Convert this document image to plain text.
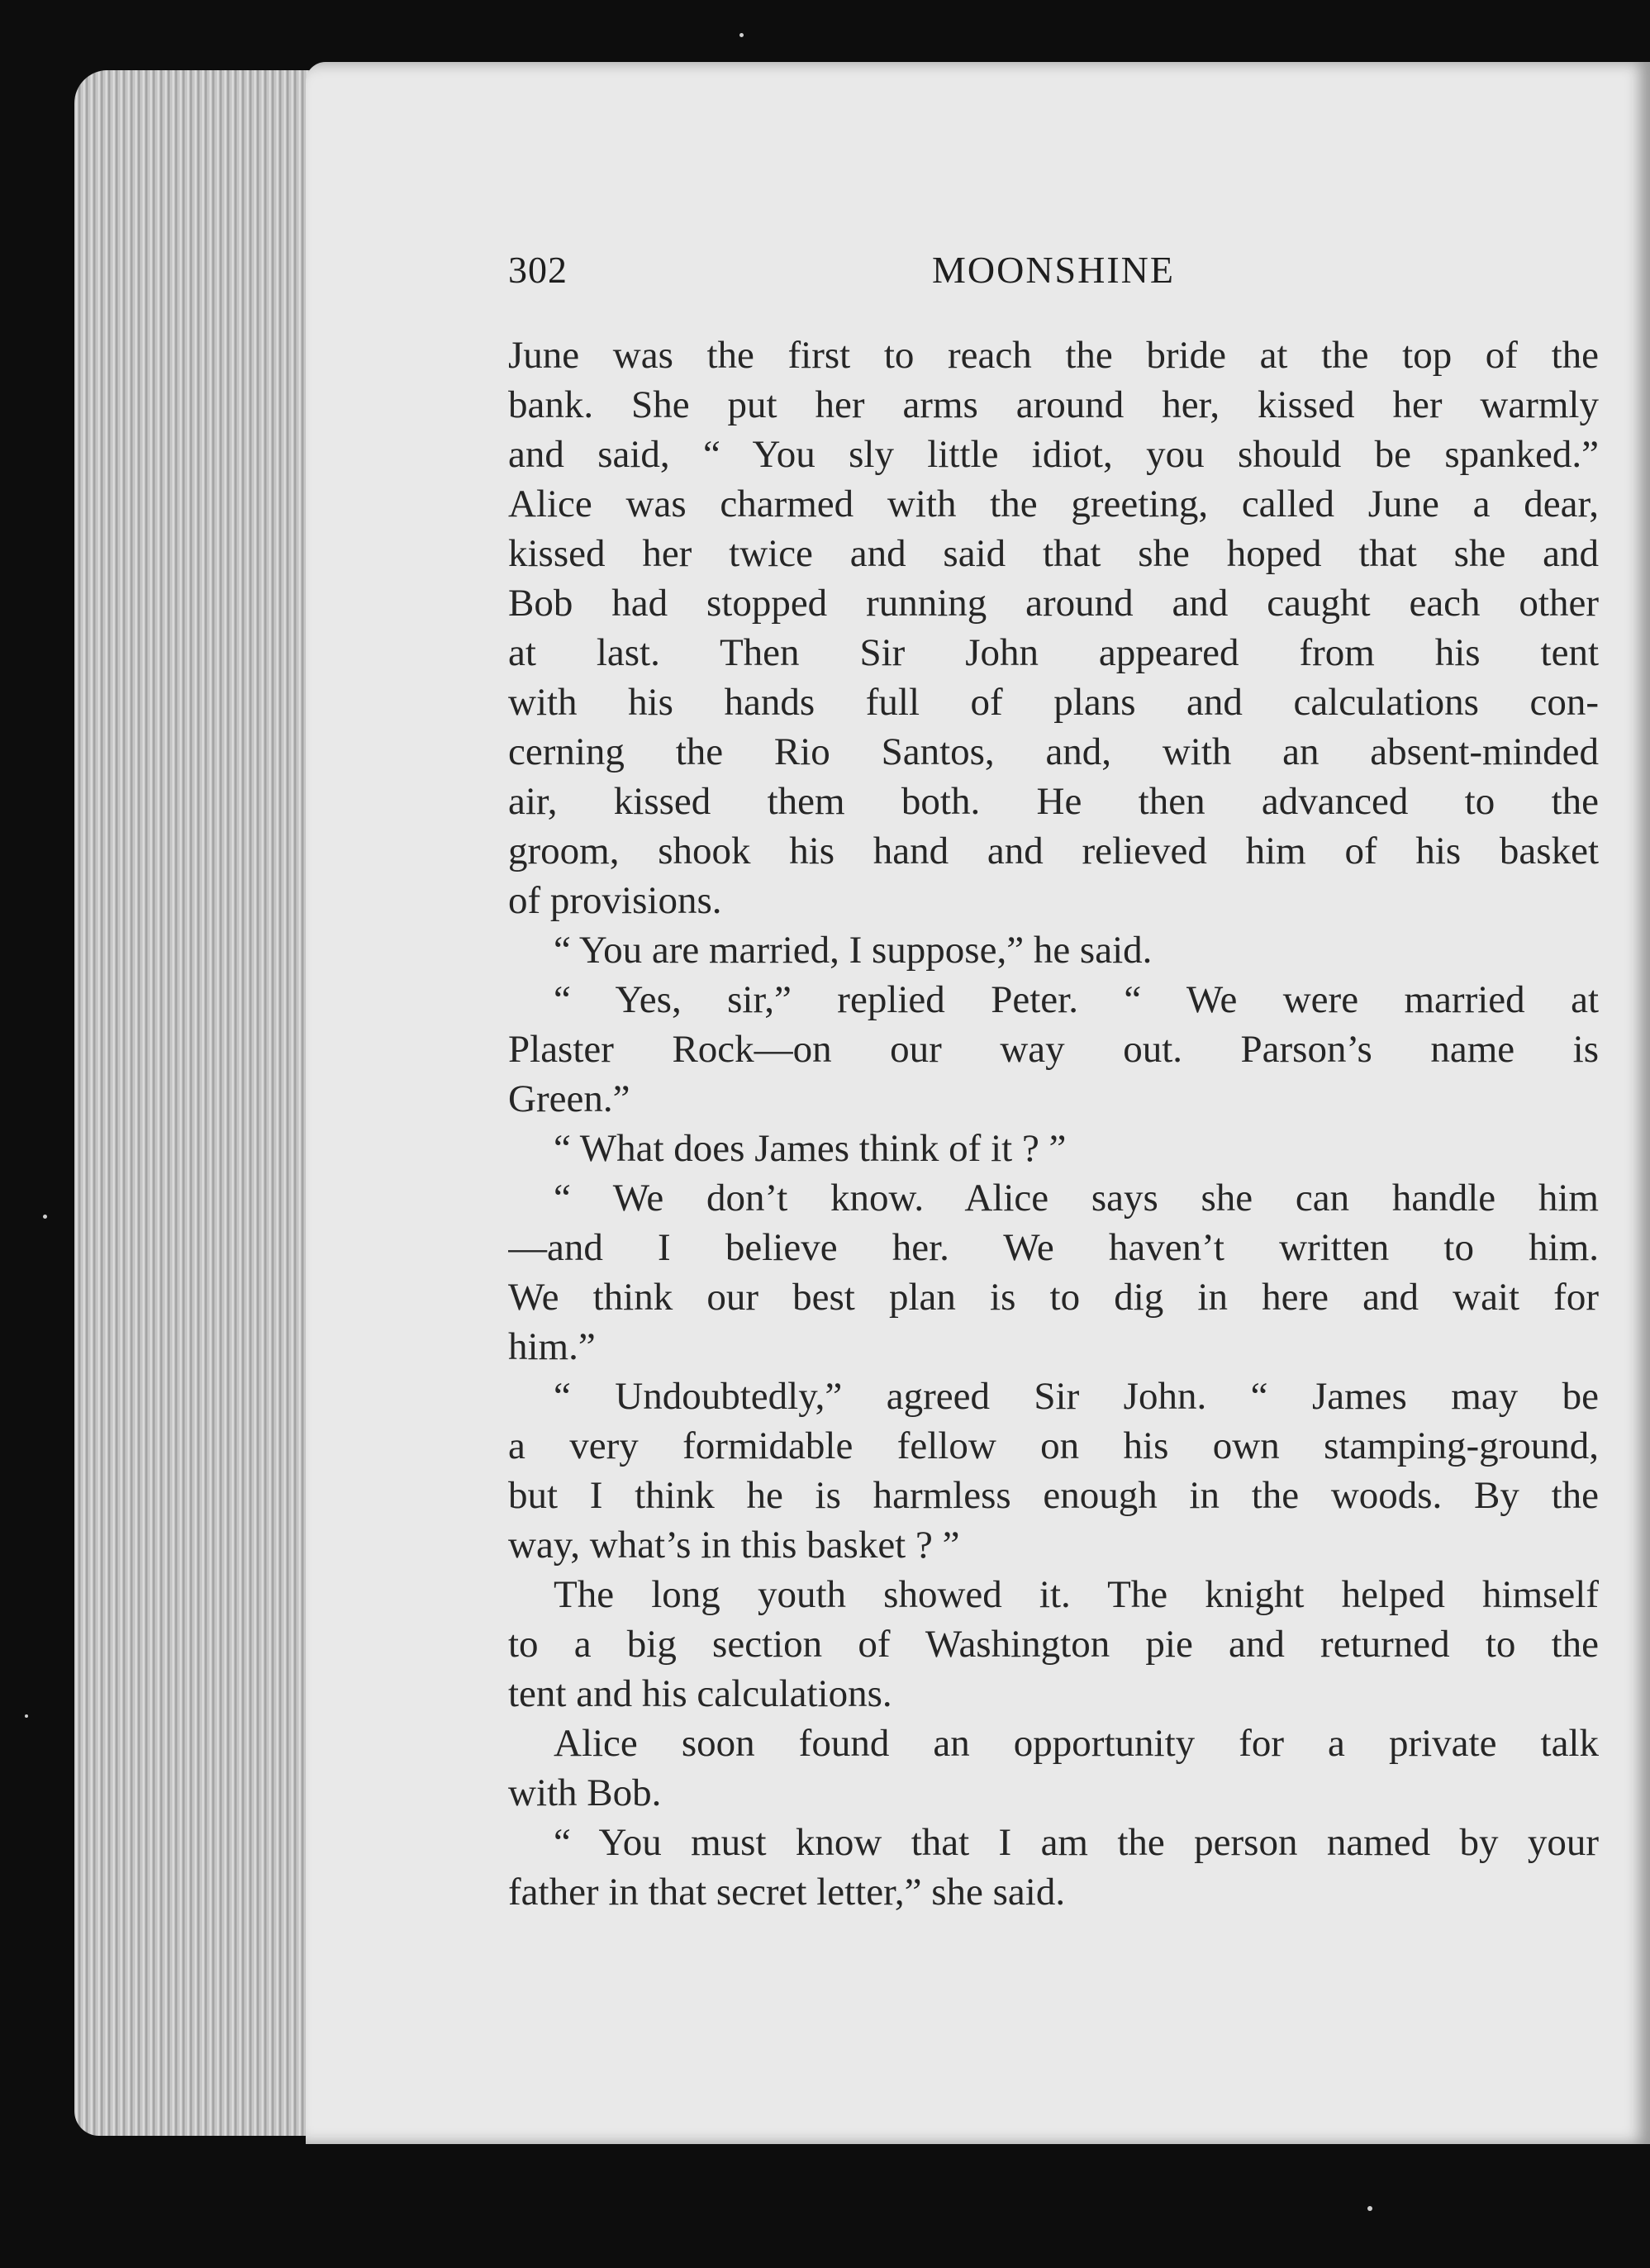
302	MOONSHINE
June was the first to reach the bride at the top of the
bank. She put her arms around her, kissed her warmly
and said, “ You sly little idiot, you should be spanked.”
Alice was charmed with the greeting, called June a dear,
kissed her twice and said that she hoped that she and
Bob had stopped running around and caught each other
at last. Then Sir John appeared from his tent
with his hands full of plans and calculations con-
cerning the Rio Santos, and, with an absent-minded
air, kissed them both. He then advanced to the
groom, shook his hand and relieved him of his basket
of provisions.
“ You are married, I suppose,” he said.
“ Yes, sir,” replied Peter. “ We were married at
Plaster Rock—on our way out. Parson’s name is
Green.”
“ What does James think of it ? ”
“ We don’t know. Alice says she can handle him
—and I believe her. We haven’t written to him.
We think our best plan is to dig in here and wait for
him.”
“ Undoubtedly,” agreed Sir John. “ James may be
a very formidable fellow on his own stamping-ground,
but I think he is harmless enough in the woods. By the
way, what’s in this basket ? ”
The long youth showed it. The knight helped himself
to a big section of Washington pie and returned to the
tent and his calculations.
Alice soon found an opportunity for a private talk
with Bob.
“ You must know that I am the person named by your
father in that secret letter,” she said.
